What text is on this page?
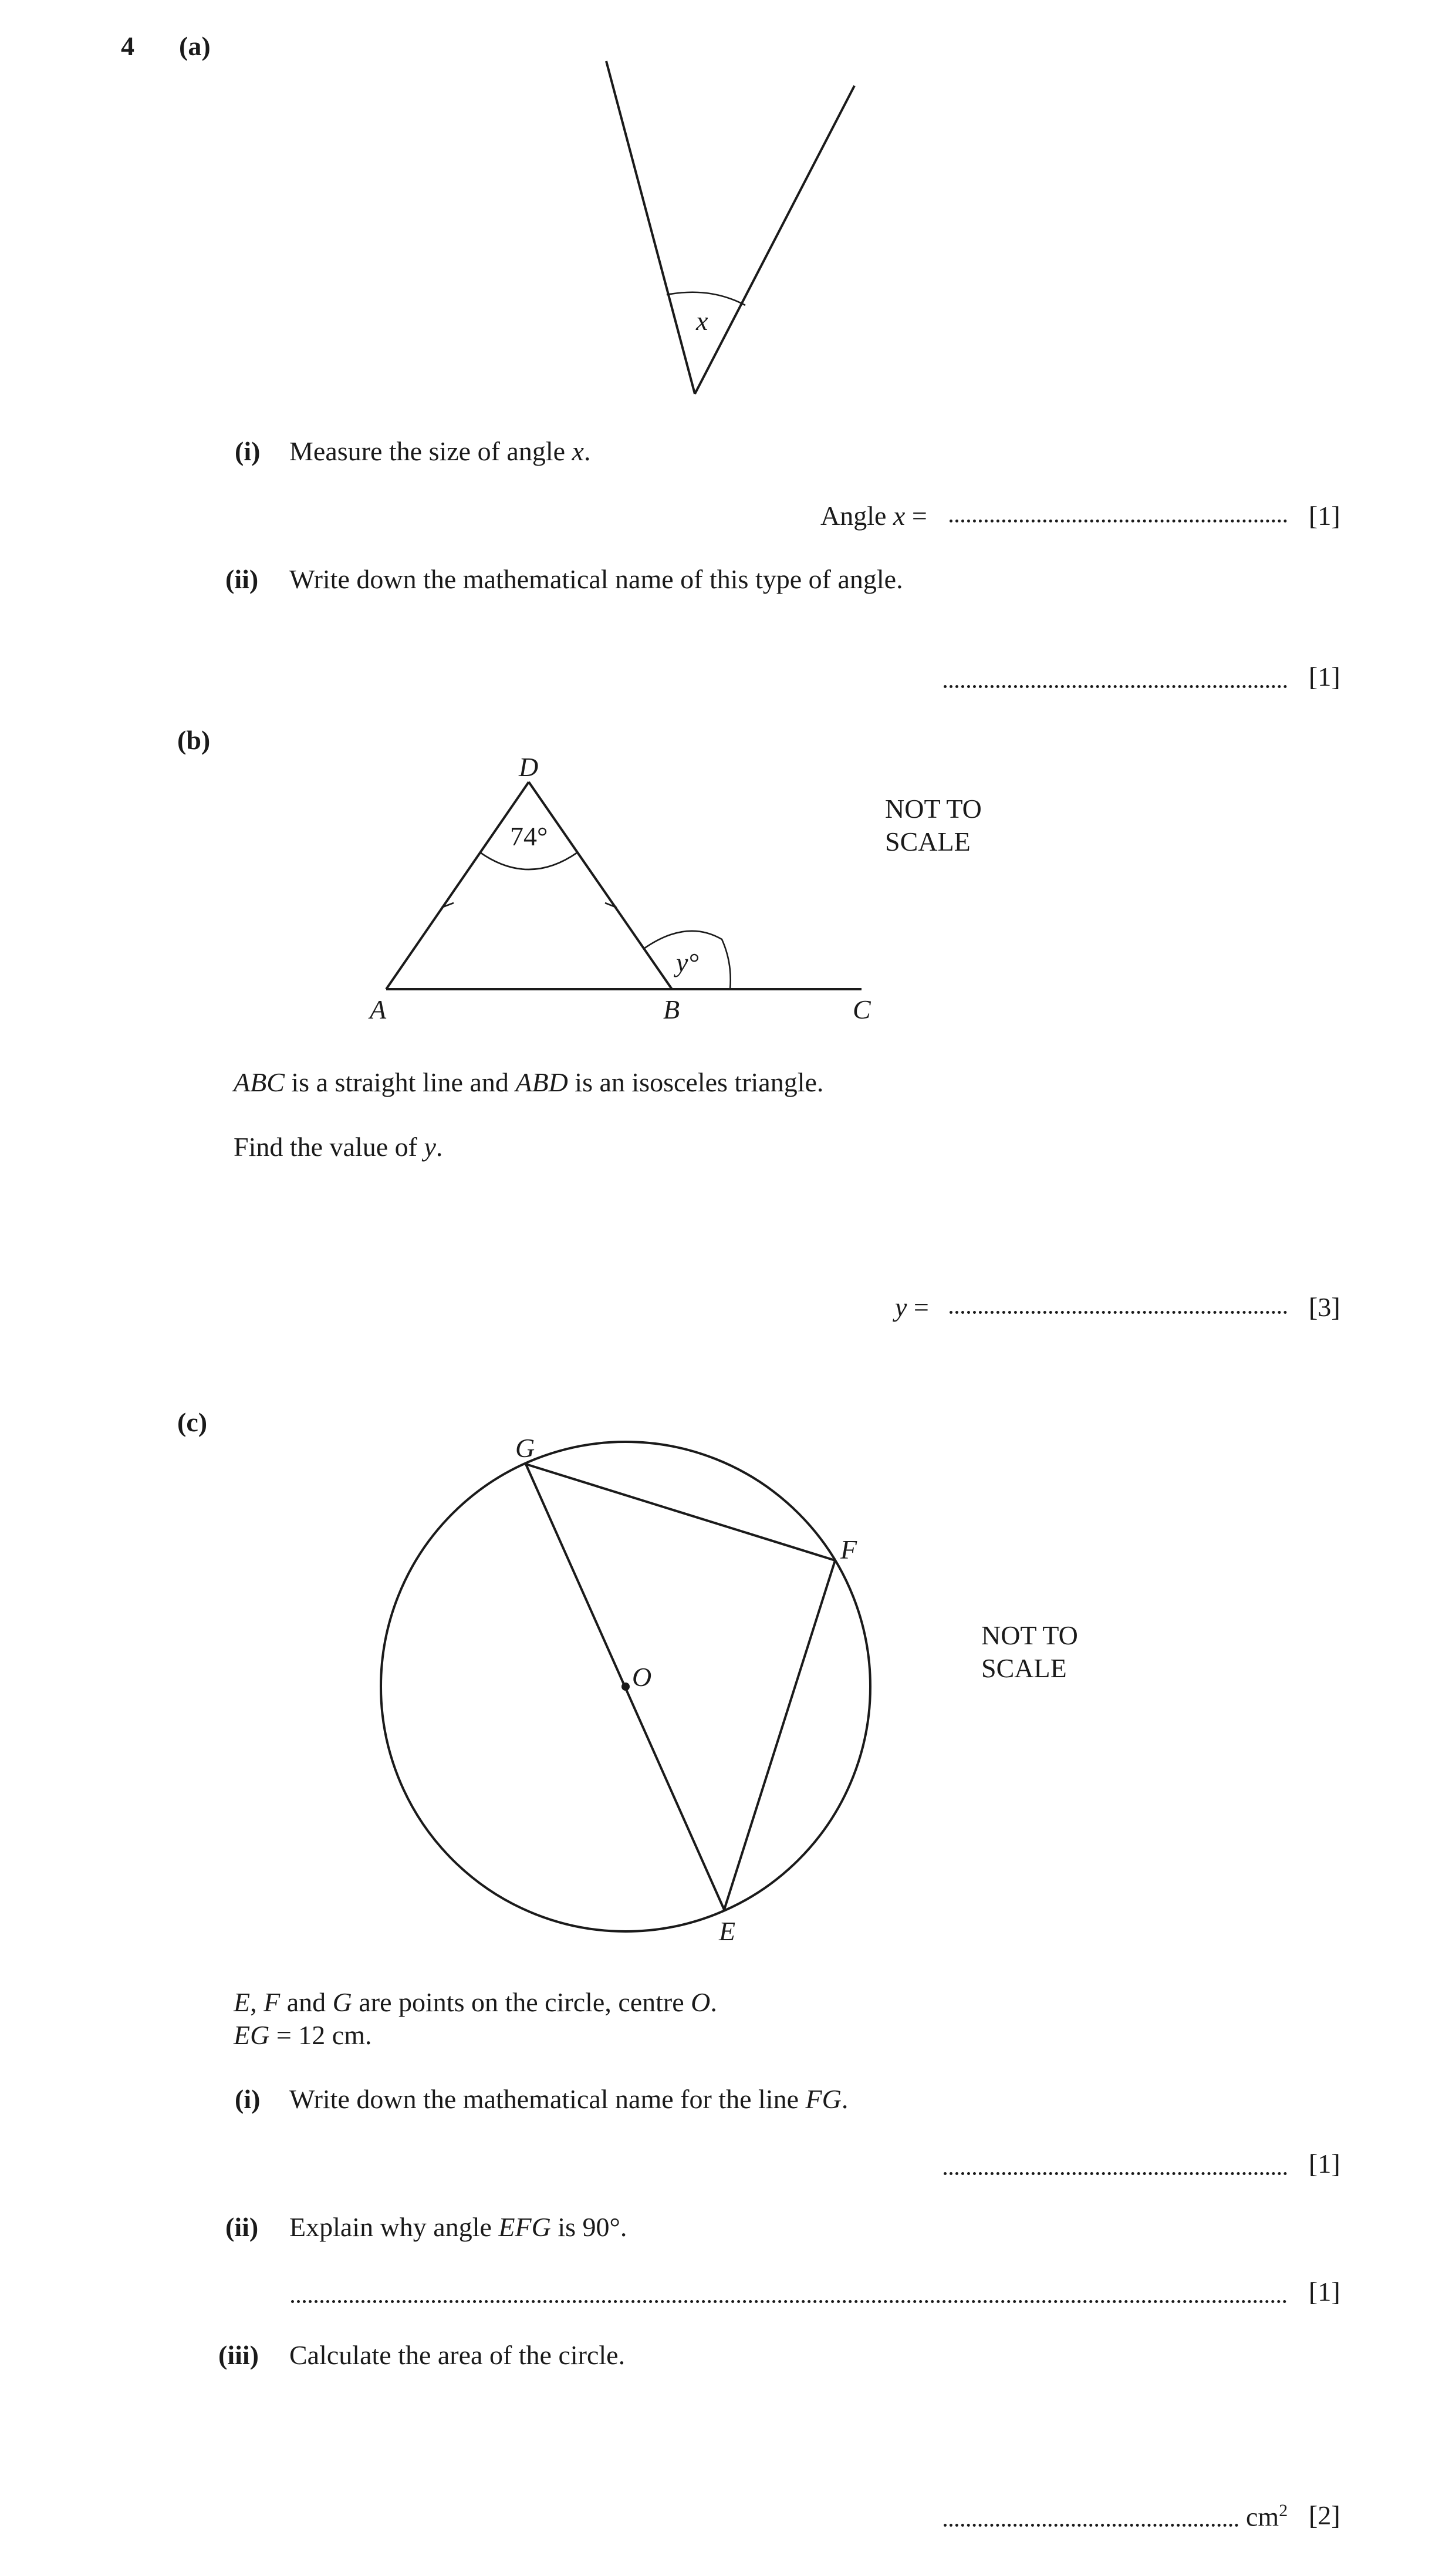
4 (a)
x
74°
y°
D
A	B	C
O
G
F
E
(i) Measure the size of angle x.
Angle x =	[1]
(ii) Write down the mathematical name of this type of angle.
[1]
(b)
NOT TO
SCALE
ABC is a straight line and ABD is an isosceles triangle.
Find the value of y.
y =	[3]
(c)
NOT TO
SCALE
E, F and G are points on the circle, centre O.
EG = 12 cm.
(i) Write down the mathematical name for the line FG.
[1]
(ii) Explain why angle EFG is 90°.
[1]
(iii) Calculate the area of the circle.
$cm^2$ [2]
